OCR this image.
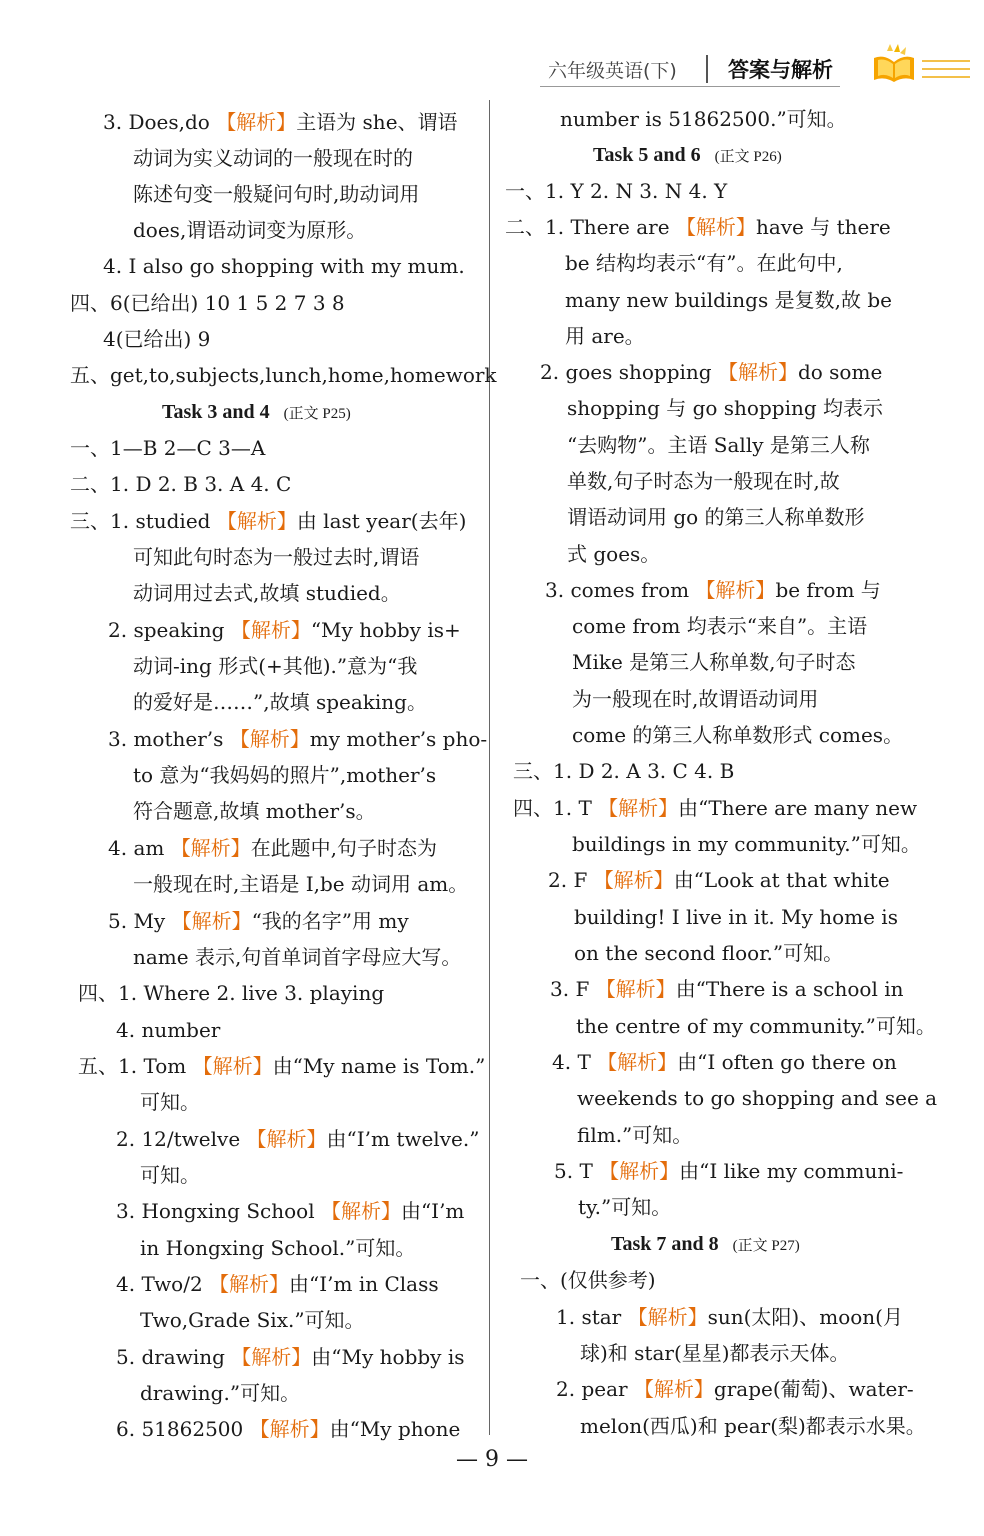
六年级英语(下) 答案与解析
3. Does,do 【解析】主语为 she、谓语
动词为实义动词的一般现在时的
陈述句变一般疑问句时,助动词用
does,谓语动词变为原形。
4. I also go shopping with my mum.
四、6(已给出) 10 1 5 2 7 3 8
4(已给出) 9
五、get,to,subjects,lunch,home,homework
Task 3 and 4 (正文 P25)
一、1—B 2—C 3—A
二、1. D 2. B 3. A 4. C
三、1. studied 【解析】由 last year(去年)
可知此句时态为一般过去时,谓语
动词用过去式,故填 studied。
2. speaking 【解析】“My hobby is+
动词-ing 形式(+其他).”意为“我
的爱好是……”,故填 speaking。
3. mother’s 【解析】my mother’s pho-
to 意为“我妈妈的照片”,mother’s
符合题意,故填 mother’s。
4. am 【解析】在此题中,句子时态为
一般现在时,主语是 I,be 动词用 am。
5. My 【解析】“我的名字”用 my
name 表示,句首单词首字母应大写。
四、1. Where 2. live 3. playing
4. number
五、1. Tom 【解析】由“My name is Tom.”
可知。
2. 12/twelve 【解析】由“I’m twelve.”
可知。
3. Hongxing School 【解析】由“I’m
in Hongxing School.”可知。
4. Two/2 【解析】由“I’m in Class
Two,Grade Six.”可知。
5. drawing 【解析】由“My hobby is
drawing.”可知。
6. 51862500 【解析】由“My phone
number is 51862500.”可知。
Task 5 and 6 (正文 P26)
一、1. Y 2. N 3. N 4. Y
二、1. There are 【解析】have 与 there
be 结构均表示“有”。在此句中,
many new buildings 是复数,故 be
用 are。
2. goes shopping 【解析】do some
shopping 与 go shopping 均表示
“去购物”。主语 Sally 是第三人称
单数,句子时态为一般现在时,故
谓语动词用 go 的第三人称单数形
式 goes。
3. comes from 【解析】be from 与
come from 均表示“来自”。主语
Mike 是第三人称单数,句子时态
为一般现在时,故谓语动词用
come 的第三人称单数形式 comes。
三、1. D 2. A 3. C 4. B
四、1. T 【解析】由“There are many new
buildings in my community.”可知。
2. F 【解析】由“Look at that white
building! I live in it. My home is
on the second floor.”可知。
3. F 【解析】由“There is a school in
the centre of my community.”可知。
4. T 【解析】由“I often go there on
weekends to go shopping and see a
film.”可知。
5. T 【解析】由“I like my communi-
ty.”可知。
Task 7 and 8 (正文 P27)
一、(仅供参考)
1. star 【解析】sun(太阳)、moon(月
球)和 star(星星)都表示天体。
2. pear 【解析】grape(葡萄)、water-
melon(西瓜)和 pear(梨)都表示水果。
— 9 —
